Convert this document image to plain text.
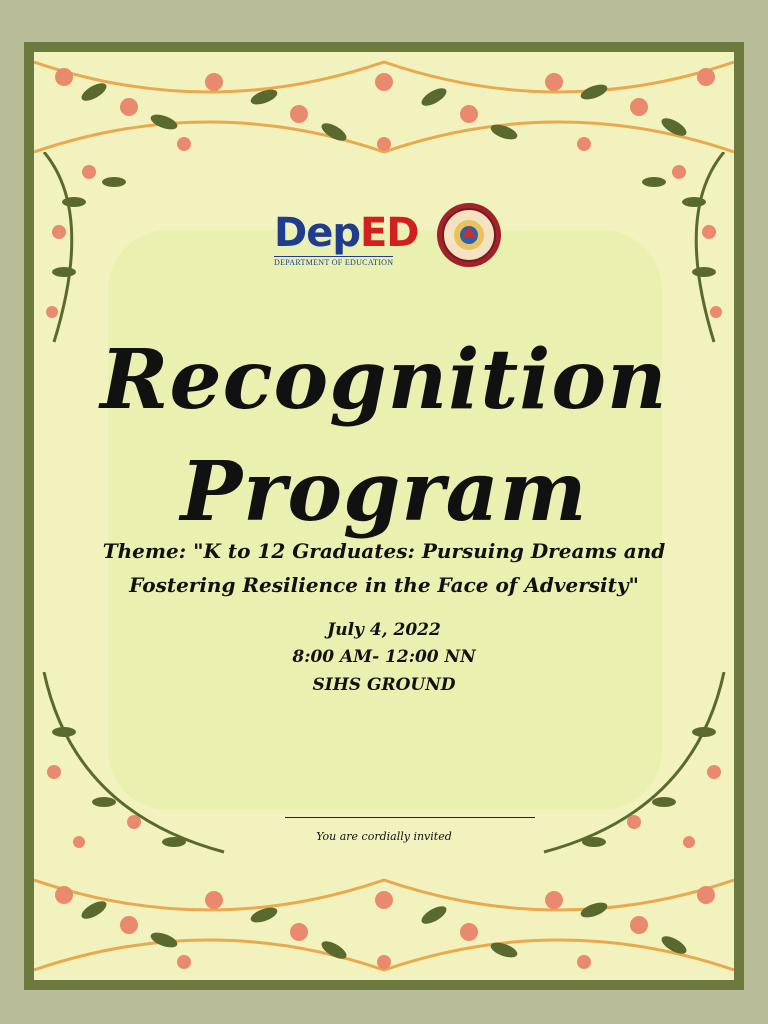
DepED
DEPARTMENT OF EDUCATION
Recognition
Program
Theme: "K to 12 Graduates: Pursuing Dreams and
Fostering Resilience in the Face of Adversity"
July 4, 2022
8:00 AM- 12:00 NN
SIHS GROUND
You are cordially invited
